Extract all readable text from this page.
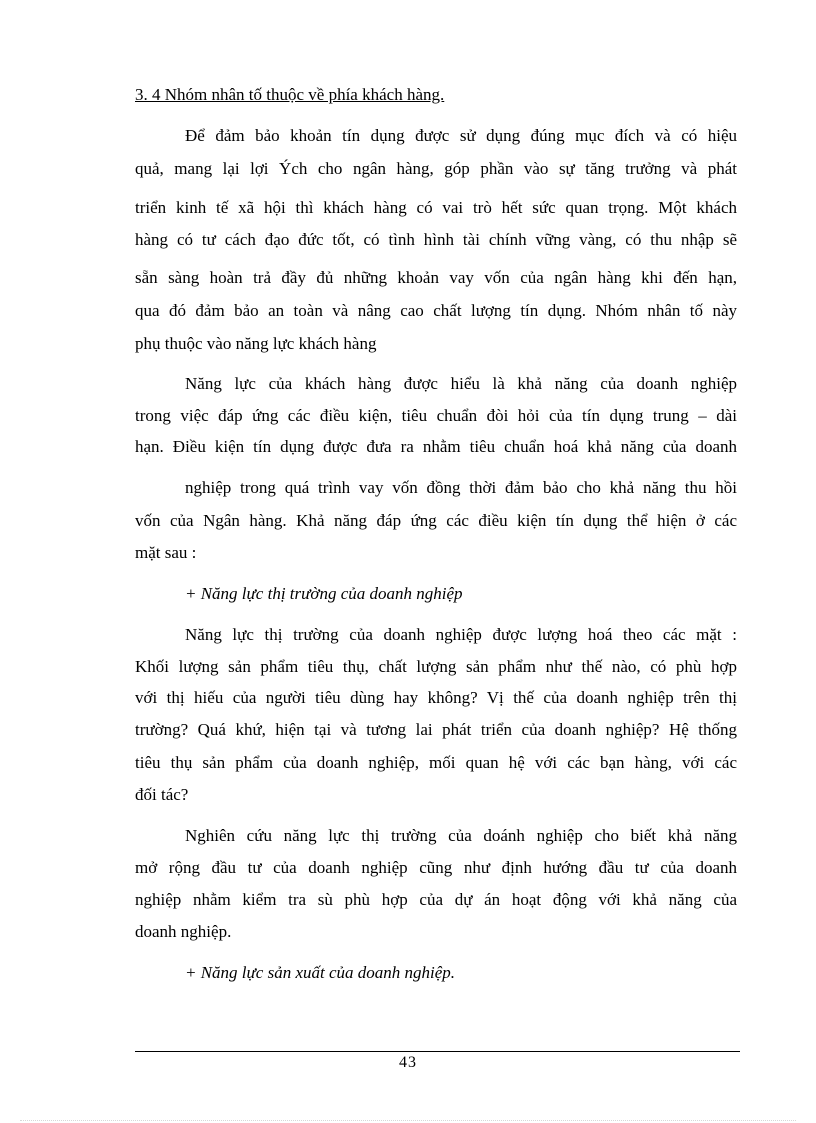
3. 4 Nhóm nhân tố thuộc về phía khách hàng.
Để đảm bảo khoản tín dụng được sử dụng đúng mục đích và có hiệu
quả, mang lại lợi Ých cho ngân hàng, góp phần vào sự tăng trưởng và phát
triển kinh tế xã hội thì khách hàng có vai trò hết sức quan trọng. Một khách
hàng có tư cách đạo đức tốt, có tình hình tài chính vững vàng, có thu nhập sẽ
sẵn sàng hoàn trả đầy đủ những khoản vay vốn của ngân hàng khi đến hạn,
qua đó đảm bảo an toàn và nâng cao chất lượng tín dụng. Nhóm nhân tố này
phụ thuộc vào năng lực khách hàng
Năng lực của khách hàng được hiểu là khả năng của doanh nghiệp
trong việc đáp ứng các điều kiện, tiêu chuẩn đòi hỏi của tín dụng trung – dài
hạn. Điều kiện tín dụng được đưa ra nhằm tiêu chuẩn hoá khả năng của doanh
nghiệp trong quá trình vay vốn đồng thời đảm bảo cho khả năng thu hồi
vốn của Ngân hàng. Khả năng đáp ứng các điều kiện tín dụng thể hiện ở các
mặt sau :
+ Năng lực thị trường của doanh nghiệp
Năng lực thị trường của doanh nghiệp được lượng hoá theo các mặt :
Khối lượng sản phẩm tiêu thụ, chất lượng sản phẩm như thế nào, có phù hợp
với thị hiếu của người tiêu dùng hay không? Vị thế của doanh nghiệp trên thị
trường? Quá khứ, hiện tại và tương lai phát triển của doanh nghiệp? Hệ thống
tiêu thụ sản phẩm của doanh nghiệp, mối quan hệ với các bạn hàng, với các
đối tác?
Nghiên cứu năng lực thị trường của doánh nghiệp cho biết khả năng
mở rộng đầu tư của doanh nghiệp cũng như định hướng đầu tư của doanh
nghiệp nhằm kiểm tra sù phù hợp của dự án hoạt động với khả năng của
doanh nghiệp.
+ Năng lực sản xuất của doanh nghiệp.
43
